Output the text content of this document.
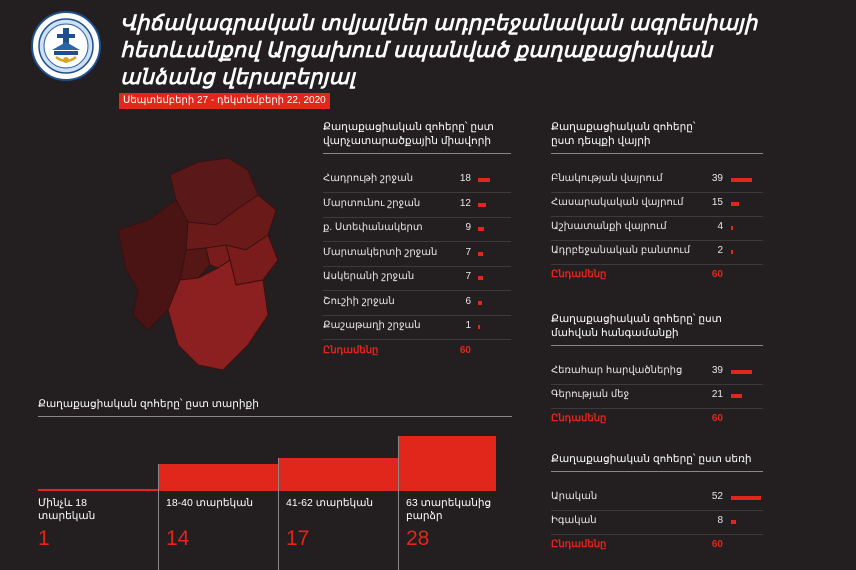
Վիճակագրական տվյալներ ադրբեջանական ագրեսիայի հետևանքով Արցախում սպանված քաղաքացիական անձանց վերաբերյալ
Սեպտեմբերի 27 - դեկտեմբերի 22, 2020
Քաղաքացիական զոհերը՝ ըստ վարչատարածքային միավորի
Հադրութի շրջան	18
Մարտունու շրջան	12
ք. Ստեփանակերտ	9
Մարտակերտի շրջան	7
Ասկերանի շրջան	7
Շուշիի շրջան	6
Քաշաթաղի շրջան	1
Ընդամենը	60
Քաղաքացիական զոհերը՝ ըստ դեպքի վայրի
Բնակության վայրում	39
Հասարակական վայրում	15
Աշխատանքի վայրում	4
Ադրբեջանական բանտում	2
Ընդամենը	60
Քաղաքացիական զոհերը՝ ըստ մահվան հանգամանքի
Հեռահար հարվածներից	39
Գերության մեջ	21
Ընդամենը	60
Քաղաքացիական զոհերը՝ ըստ սեռի
Արական	52
Իգական	8
Ընդամենը	60
Քաղաքացիական զոհերը՝ ըստ տարիքի
Մինչև 18 տարեկան
1
18-40 տարեկան
14
41-62 տարեկան
17
63 տարեկանից բարձր
28
